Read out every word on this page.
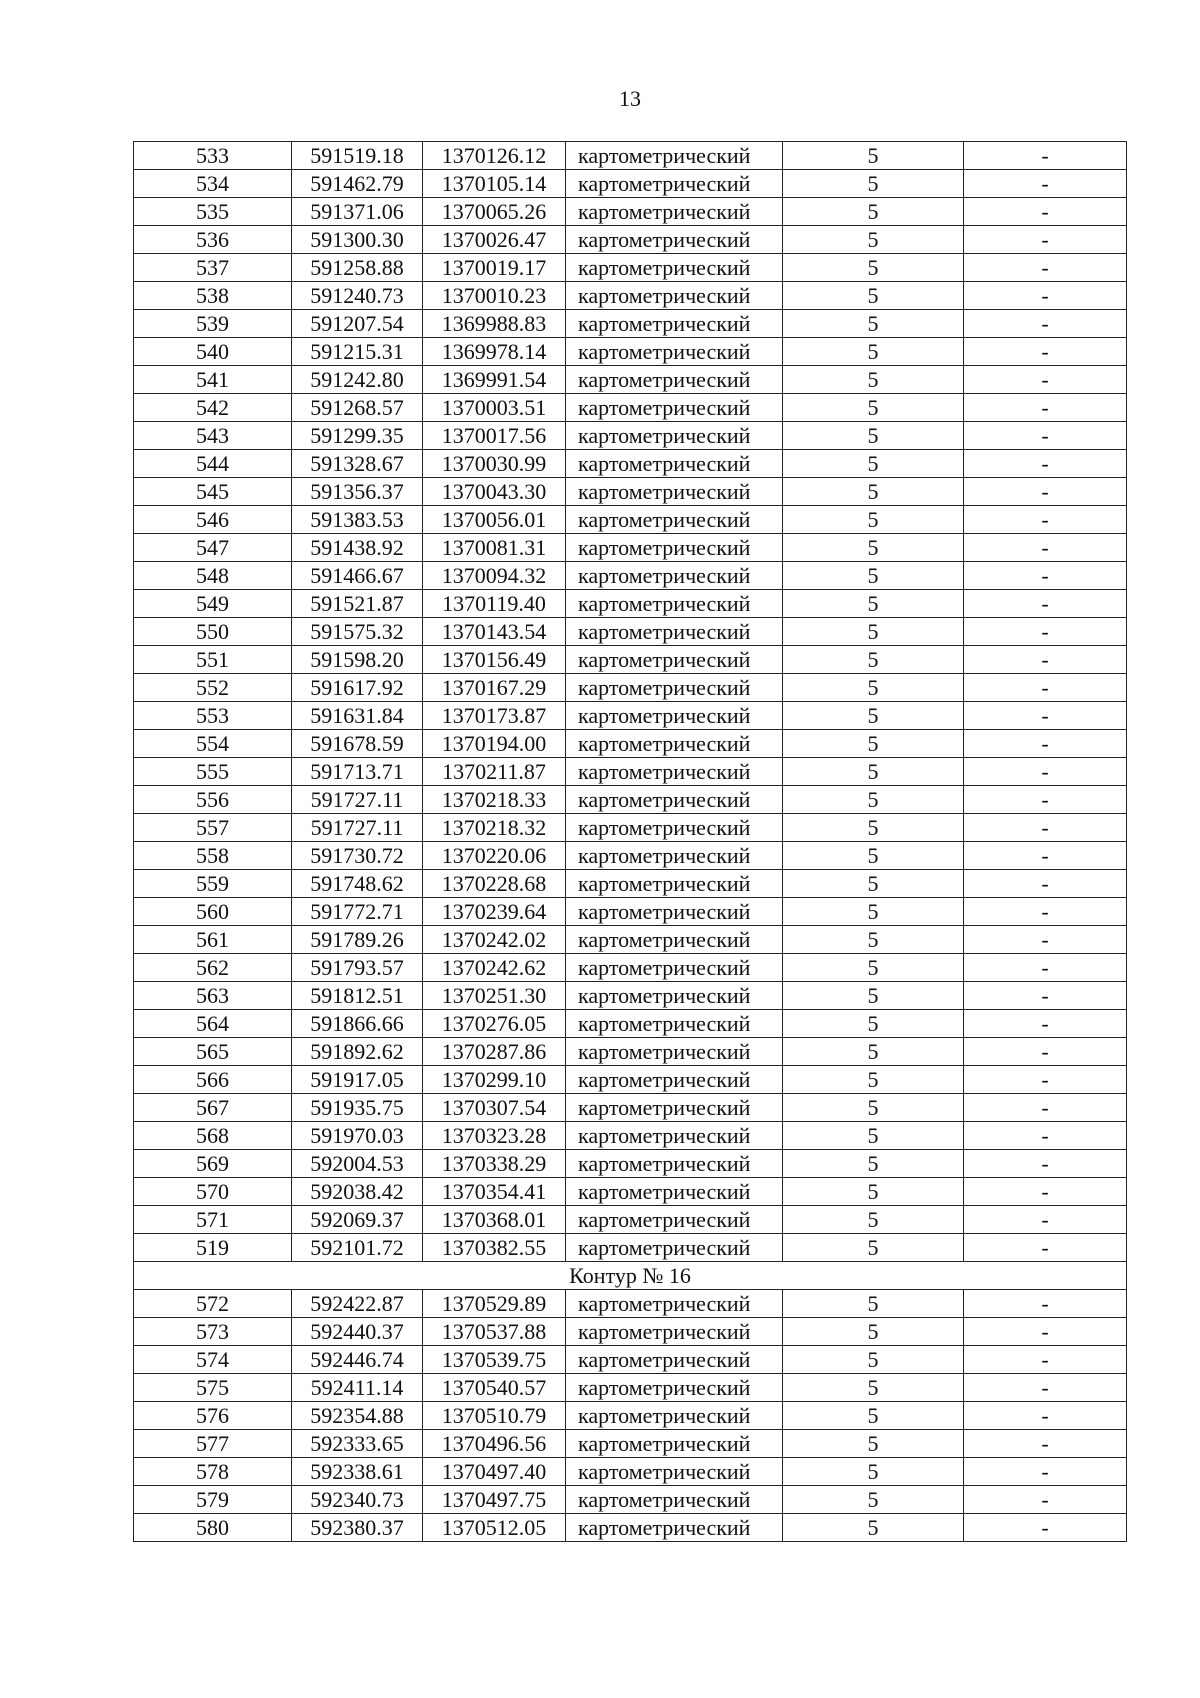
13
533	591519.18	1370126.12	картометрический	5	-
534	591462.79	1370105.14	картометрический	5	-
535	591371.06	1370065.26	картометрический	5	-
536	591300.30	1370026.47	картометрический	5	-
537	591258.88	1370019.17	картометрический	5	-
538	591240.73	1370010.23	картометрический	5	-
539	591207.54	1369988.83	картометрический	5	-
540	591215.31	1369978.14	картометрический	5	-
541	591242.80	1369991.54	картометрический	5	-
542	591268.57	1370003.51	картометрический	5	-
543	591299.35	1370017.56	картометрический	5	-
544	591328.67	1370030.99	картометрический	5	-
545	591356.37	1370043.30	картометрический	5	-
546	591383.53	1370056.01	картометрический	5	-
547	591438.92	1370081.31	картометрический	5	-
548	591466.67	1370094.32	картометрический	5	-
549	591521.87	1370119.40	картометрический	5	-
550	591575.32	1370143.54	картометрический	5	-
551	591598.20	1370156.49	картометрический	5	-
552	591617.92	1370167.29	картометрический	5	-
553	591631.84	1370173.87	картометрический	5	-
554	591678.59	1370194.00	картометрический	5	-
555	591713.71	1370211.87	картометрический	5	-
556	591727.11	1370218.33	картометрический	5	-
557	591727.11	1370218.32	картометрический	5	-
558	591730.72	1370220.06	картометрический	5	-
559	591748.62	1370228.68	картометрический	5	-
560	591772.71	1370239.64	картометрический	5	-
561	591789.26	1370242.02	картометрический	5	-
562	591793.57	1370242.62	картометрический	5	-
563	591812.51	1370251.30	картометрический	5	-
564	591866.66	1370276.05	картометрический	5	-
565	591892.62	1370287.86	картометрический	5	-
566	591917.05	1370299.10	картометрический	5	-
567	591935.75	1370307.54	картометрический	5	-
568	591970.03	1370323.28	картометрический	5	-
569	592004.53	1370338.29	картометрический	5	-
570	592038.42	1370354.41	картометрический	5	-
571	592069.37	1370368.01	картометрический	5	-
519	592101.72	1370382.55	картометрический	5	-
Контур № 16					
572	592422.87	1370529.89	картометрический	5	-
573	592440.37	1370537.88	картометрический	5	-
574	592446.74	1370539.75	картометрический	5	-
575	592411.14	1370540.57	картометрический	5	-
576	592354.88	1370510.79	картометрический	5	-
577	592333.65	1370496.56	картометрический	5	-
578	592338.61	1370497.40	картометрический	5	-
579	592340.73	1370497.75	картометрический	5	-
580	592380.37	1370512.05	картометрический	5	-
